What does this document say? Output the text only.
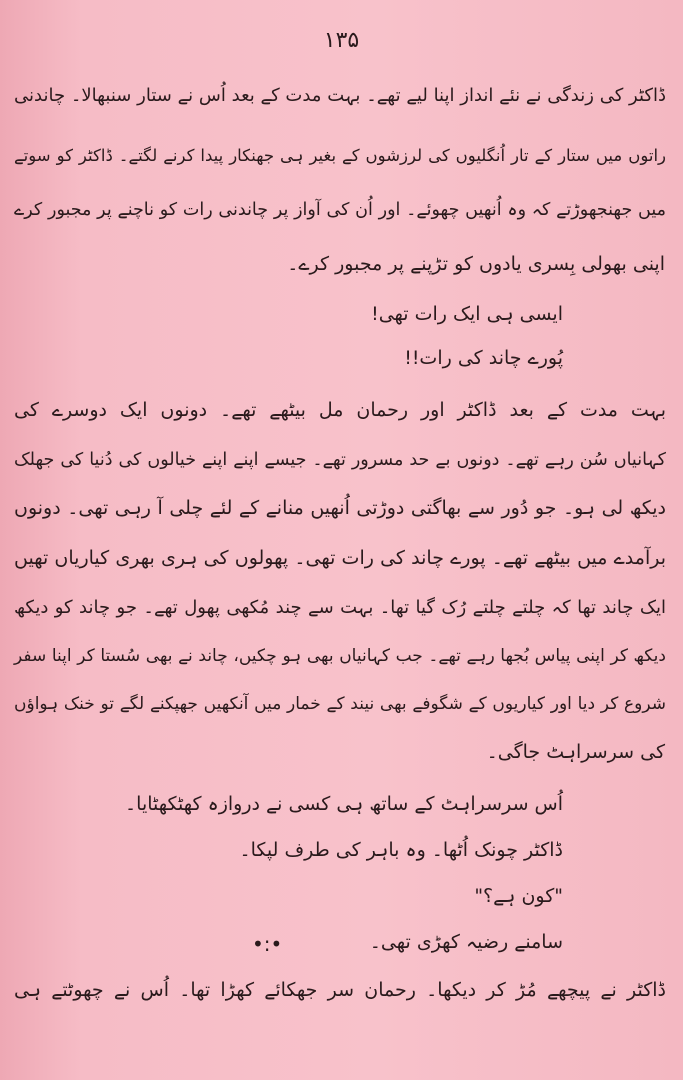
۱۳۵
ڈاکٹر کی زندگی نے نئے انداز اپنا لیے تھے۔ بہت مدت کے بعد اُس نے ستار سنبھالا۔ چاندنی
راتوں میں ستار کے تار اُنگلیوں کی لرزشوں کے بغیر ہی جھنکار پیدا کرنے لگتے۔ ڈاکٹر کو سوتے
میں جھنجھوڑتے کہ وہ اُنھیں چھوئے۔ اور اُن کی آواز پر چاندنی رات کو ناچنے پر مجبور کرے
اپنی بھولی بِسری یادوں کو تڑپنے پر مجبور کرے۔
ایسی ہی ایک رات تھی!
پُورے چاند کی رات!!
بہت مدت کے بعد ڈاکٹر اور رحمان مل بیٹھے تھے۔ دونوں ایک دوسرے کی
کہانیاں سُن رہے تھے۔ دونوں بے حد مسرور تھے۔ جیسے اپنے اپنے خیالوں کی دُنیا کی جھلک
دیکھ لی ہو۔ جو دُور سے بھاگتی دوڑتی اُنھیں منانے کے لئے چلی آ رہی تھی۔ دونوں
برآمدے میں بیٹھے تھے۔ پورے چاند کی رات تھی۔ پھولوں کی ہری بھری کیاریاں تھیں
ایک چاند تھا کہ چلتے چلتے رُک گیا تھا۔ بہت سے چند مُکھی پھول تھے۔ جو چاند کو دیکھ
دیکھ کر اپنی پیاس بُجھا رہے تھے۔ جب کہانیاں بھی ہو چکیں، چاند نے بھی سُستا کر اپنا سفر
شروع کر دیا اور کیاریوں کے شگوفے بھی نیند کے خمار میں آنکھیں جھپکنے لگے تو خنک ہواؤں
کی سرسراہٹ جاگی۔
اُس سرسراہٹ کے ساتھ ہی کسی نے دروازہ کھٹکھٹایا۔
ڈاکٹر چونک اُٹھا۔ وہ باہر کی طرف لپکا۔
"کون ہے؟"
سامنے رضیہ کھڑی تھی۔
•:•
ڈاکٹر نے پیچھے مُڑ کر دیکھا۔ رحمان سر جھکائے کھڑا تھا۔ اُس نے چھوٹتے ہی
